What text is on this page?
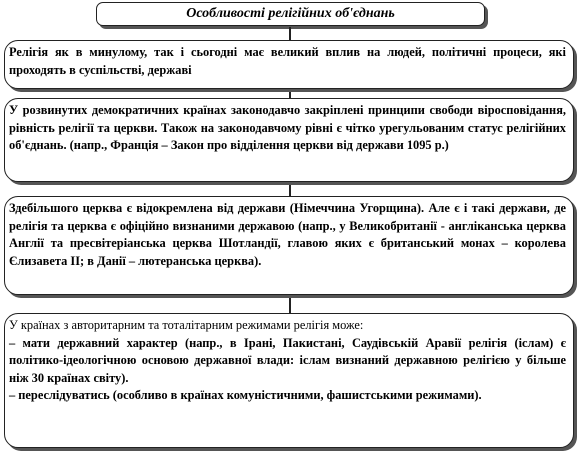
Особливості релігійних об'єднань

Релігія як в минулому, так і сьогодні має великий вплив на людей, політичні процеси, які проходять в суспільстві, державі

У розвинутих демократичних країнах законодавчо закріплені принципи свободи віросповідання, рівність релігії та церкви. Також на законодавчому рівні є чітко урегульованим статус релігійних об'єднань. (напр., Франція – Закон про відділення церкви від держави 1095 р.)

Здебільшого церква є відокремлена від держави (Німеччина Угорщина). Але є і такі держави, де релігія та церква є офіційно визнаними державою (напр., у Великобританії - англіканська церква Англії та пресвітеріанська церква Шотландії, главою яких є британський монах – королева Єлизавета II; в Данії – лютеранська церква).

У країнах з авторитарним та тоталітарним режимами релігія може:

– мати державний характер (напр., в Ірані, Пакистані, Саудівській Аравії релігія (іслам) є політико-ідеологічною основою державної влади: іслам визнаний державною релігією у більше ніж 30 країнах світу).

– переслідуватись (особливо в країнах комуністичними, фашистськими режимами).
